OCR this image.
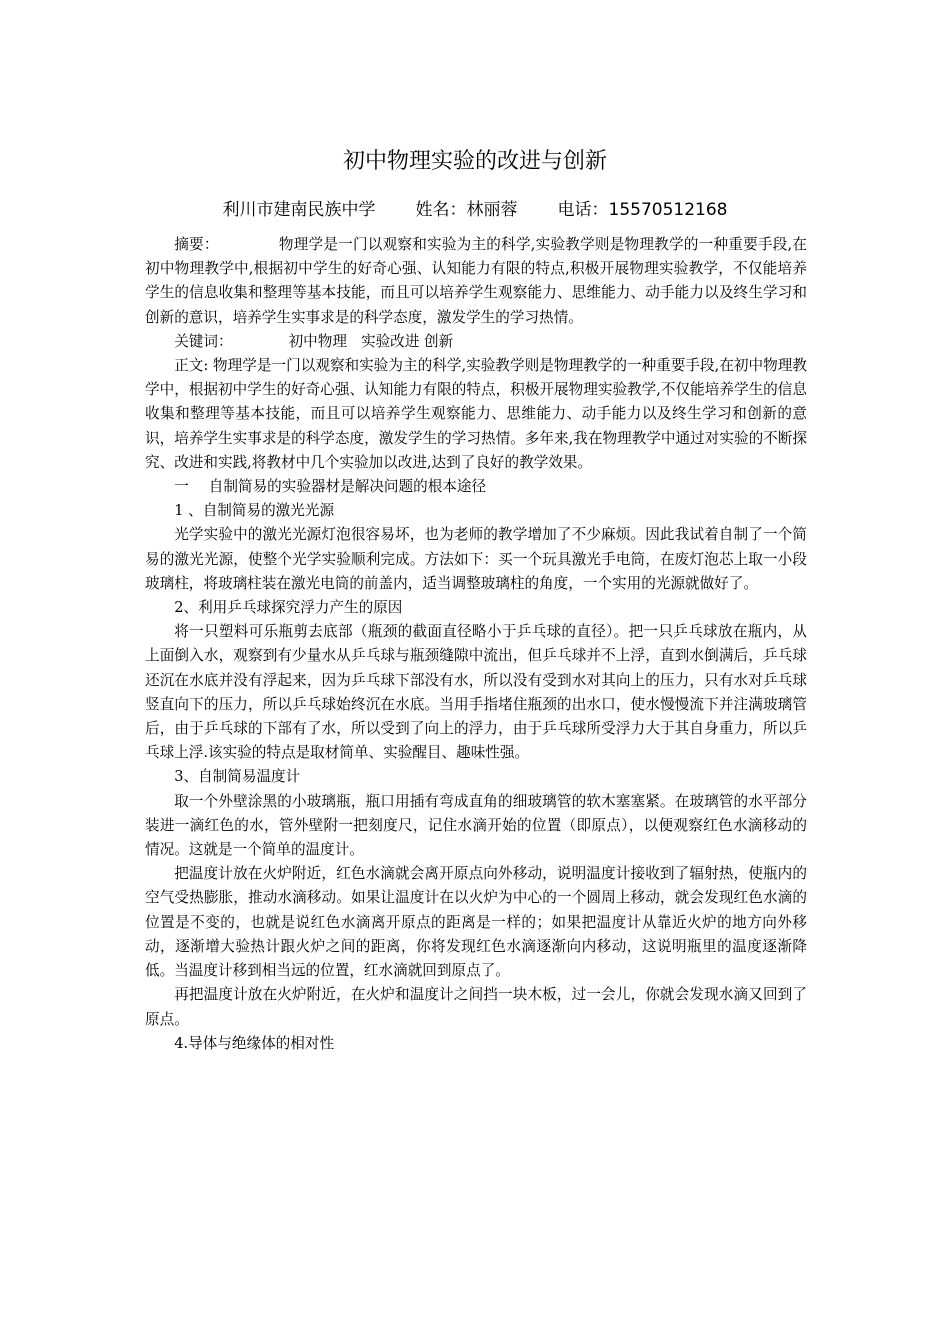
初中物理实验的改进与创新
利川市建南民族中学 姓名：林丽蓉 电话：15570512168

摘要：	物理学是一门以观察和实验为主的科学,实验教学则是物理教学的一种重要手段,在初中物理教学中,根据初中学生的好奇心强、认知能力有限的特点,积极开展物理实验教学，不仅能培养学生的信息收集和整理等基本技能，而且可以培养学生观察能力、思维能力、动手能力以及终生学习和创新的意识，培养学生实事求是的科学态度，激发学生的学习热情。

关键词：	初中物理 实验改进 创新

正文: 物理学是一门以观察和实验为主的科学,实验教学则是物理教学的一种重要手段,在初中物理教学中，根据初中学生的好奇心强、认知能力有限的特点，积极开展物理实验教学,不仅能培养学生的信息收集和整理等基本技能，而且可以培养学生观察能力、思维能力、动手能力以及终生学习和创新的意识，培养学生实事求是的科学态度，激发学生的学习热情。多年来,我在物理教学中通过对实验的不断探究、改进和实践,将教材中几个实验加以改进,达到了良好的教学效果。

一 自制简易的实验器材是解决问题的根本途径

1 、自制简易的激光光源

光学实验中的激光光源灯泡很容易坏，也为老师的教学增加了不少麻烦。因此我试着自制了一个简易的激光光源，使整个光学实验顺利完成。方法如下：买一个玩具激光手电筒，在废灯泡芯上取一小段玻璃柱，将玻璃柱装在激光电筒的前盖内，适当调整玻璃柱的角度，一个实用的光源就做好了。

2、利用乒乓球探究浮力产生的原因

将一只塑料可乐瓶剪去底部（瓶颈的截面直径略小于乒乓球的直径）。把一只乒乓球放在瓶内，从上面倒入水，观察到有少量水从乒乓球与瓶颈缝隙中流出，但乒乓球并不上浮，直到水倒满后，乒乓球还沉在水底并没有浮起来，因为乒乓球下部没有水，所以没有受到水对其向上的压力，只有水对乒乓球竖直向下的压力，所以乒乓球始终沉在水底。当用手指堵住瓶颈的出水口，使水慢慢流下并注满玻璃管后，由于乒乓球的下部有了水，所以受到了向上的浮力，由于乒乓球所受浮力大于其自身重力，所以乒乓球上浮.该实验的特点是取材简单、实验醒目、趣味性强。

3、自制简易温度计

取一个外壁涂黑的小玻璃瓶，瓶口用插有弯成直角的细玻璃管的软木塞塞紧。在玻璃管的水平部分装进一滴红色的水，管外壁附一把刻度尺，记住水滴开始的位置（即原点），以便观察红色水滴移动的情况。这就是一个简单的温度计。

把温度计放在火炉附近，红色水滴就会离开原点向外移动，说明温度计接收到了辐射热，使瓶内的空气受热膨胀，推动水滴移动。如果让温度计在以火炉为中心的一个圆周上移动，就会发现红色水滴的位置是不变的，也就是说红色水滴离开原点的距离是一样的；如果把温度计从靠近火炉的地方向外移动，逐渐增大验热计跟火炉之间的距离，你将发现红色水滴逐渐向内移动，这说明瓶里的温度逐渐降低。当温度计移到相当远的位置，红水滴就回到原点了。

再把温度计放在火炉附近，在火炉和温度计之间挡一块木板，过一会儿，你就会发现水滴又回到了原点。

4.导体与绝缘体的相对性
